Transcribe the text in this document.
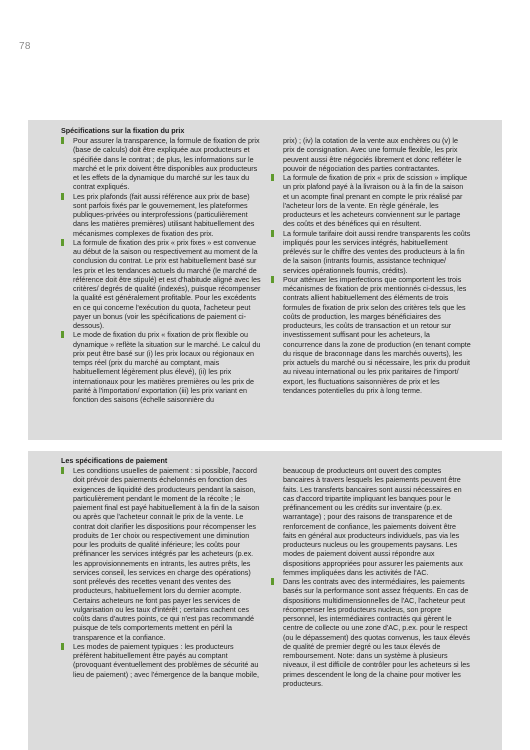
78
Spécifications sur la fixation du prix
Pour assurer la transparence, la formule de fixation de prix (base de calculs) doit être expliquée aux producteurs et spécifiée dans le contrat ; de plus, les informations sur le marché et le prix doivent être disponibles aux producteurs et les effets de la dynamique du marché sur les taux du contrat expliqués.
Les prix plafonds (fait aussi référence aux prix de base) sont parfois fixés par le gouvernement, les plateformes publiques-privées ou interprofessions (particulièrement dans les matières premières) utilisant habituellement des mécanismes complexes de fixation des prix.
La formule de fixation des prix « prix fixes » est convenue au début de la saison ou respectivement au moment de la conclusion du contrat. Le prix est habituellement basé sur les prix et les tendances actuels du marché (le marché de référence doit être stipulé) et est d'habitude aligné avec les critères/ degrés de qualité (indexés), puisque récompenser la qualité est généralement profitable. Pour les excédents en ce qui concerne l'exécution du quota, l'acheteur peut payer un bonus (voir les spécifications de paiement ci-dessous).
Le mode de fixation du prix « fixation de prix flexible ou dynamique » reflète la situation sur le marché. Le calcul du prix peut être basé sur (i) les prix locaux ou régionaux en temps réel (prix du marché au comptant, mais habituellement légèrement plus élevé), (ii) les prix internationaux pour les matières premières ou les prix de parité à l'importation/ exportation (iii) les prix variant en fonction des saisons (échelle saisonnière du
prix) ; (iv) la cotation de la vente aux enchères ou (v) le prix de consignation. Avec une formule flexible, les prix peuvent aussi être négociés librement et donc refléter le pouvoir de négociation des parties contractantes.
La formule de fixation de prix « prix de scission » implique un prix plafond payé à la livraison ou à la fin de la saison et un acompte final prenant en compte le prix réalisé par l'acheteur lors de la vente. En règle générale, les producteurs et les acheteurs conviennent sur le partage des coûts et des bénéfices qui en résultent.
La formule tarifaire doit aussi rendre transparents les coûts impliqués pour les services intégrés, habituellement prélevés sur le chiffre des ventes des producteurs à la fin de la saison (intrants fournis, assistance technique/ services opérationnels fournis, crédits).
Pour atténuer les imperfections que comportent les trois mécanismes de fixation de prix mentionnés ci-dessus, les contrats allient habituellement des éléments de trois formules de fixation de prix selon des critères tels que les coûts de production, les marges bénéficiaires des producteurs, les coûts de transaction et un retour sur investissement suffisant pour les acheteurs, la concurrence dans la zone de production (en tenant compte du risque de braconnage dans les marchés ouverts), les prix actuels du marché ou si nécessaire, les prix du produit au niveau international ou les prix paritaires de l'import/ export, les fluctuations saisonnières de prix et les tendances potentielles du prix à long terme.
Les spécifications de paiement
Les conditions usuelles de paiement : si possible, l'accord doit prévoir des paiements échelonnés en fonction des exigences de liquidité des producteurs pendant la saison, particulièrement pendant le moment de la récolte ; le paiement final est payé habituellement à la fin de la saison ou après que l'acheteur connait le prix de la vente. Le contrat doit clarifier les dispositions pour récompenser les produits de 1er choix ou respectivement une diminution pour les produits de qualité inférieure; les coûts pour préfinancer les services intégrés par les acheteurs (p.ex. les approvisionnements en intrants, les autres prêts, les services conseil, les services en charge des opérations) sont prélevés des recettes venant des ventes des producteurs, habituellement lors du dernier acompte. Certains acheteurs ne font pas payer les services de vulgarisation ou les taux d'intérêt ; certains cachent ces coûts dans d'autres points, ce qui n'est pas recommandé puisque de tels comportements mettent en péril la transparence et la confiance.
Les modes de paiement typiques : les producteurs préfèrent habituellement être payés au comptant (provoquant éventuellement des problèmes de sécurité au lieu de paiement) ; avec l'émergence de la banque mobile,
beaucoup de producteurs ont ouvert des comptes bancaires à travers lesquels les paiements peuvent être faits. Les transferts bancaires sont aussi nécessaires en cas d'accord tripartite impliquant les banques pour le préfinancement ou les crédits sur inventaire (p.ex. warrantage) ; pour des raisons de transparence et de renforcement de confiance, les paiements doivent être faits en général aux producteurs individuels, pas via les producteurs nucleus ou les groupements paysans. Les modes de paiement doivent aussi répondre aux dispositions appropriées pour assurer les paiements aux femmes impliquées dans les activités de l'AC.
Dans les contrats avec des intermédiaires, les paiements basés sur la performance sont assez fréquents. En cas de dispositions multidimensionnelles de l'AC, l'acheteur peut récompenser les producteurs nucleus, son propre personnel, les intermédiaires contractés qui gèrent le centre de collecte ou une zone d'AC, p.ex. pour le respect (ou le dépassement) des quotas convenus, les taux élevés de qualité de premier degré ou les taux élevés de remboursement. Note: dans un système à plusieurs niveaux, il est difficile de contrôler pour les acheteurs si les primes descendent le long de la chaine pour motiver les producteurs.
